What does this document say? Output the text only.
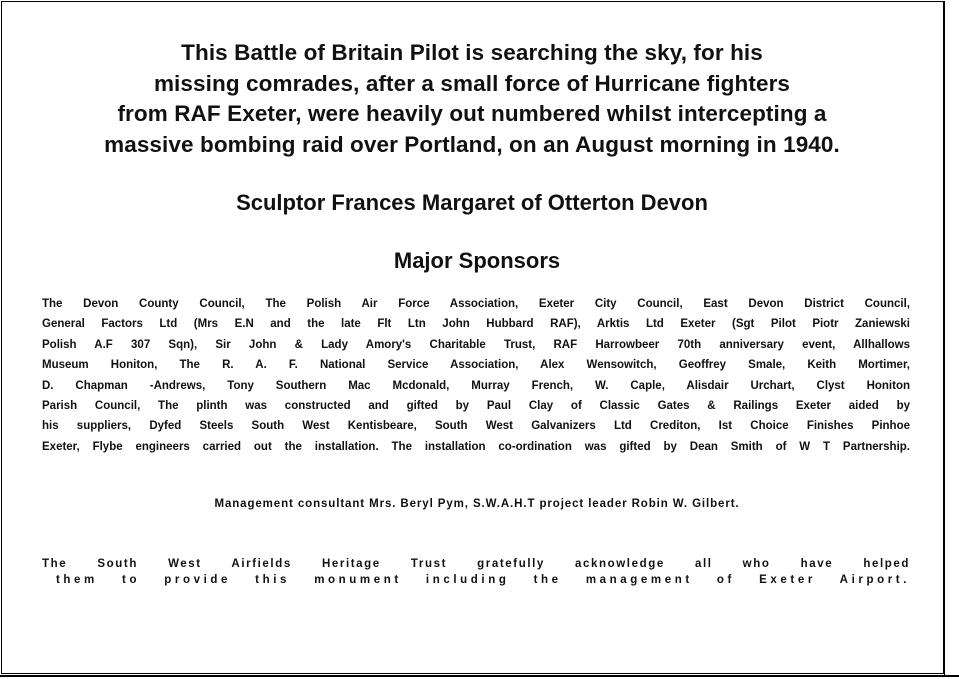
This Battle of Britain Pilot is searching the sky, for his
missing comrades, after a small force of Hurricane fighters
from RAF Exeter, were heavily out numbered whilst intercepting a
massive bombing raid over Portland, on an August morning in 1940.
Sculptor Frances Margaret of Otterton Devon
Major Sponsors
The Devon County Council, The Polish Air Force Association, Exeter City Council, East Devon District Council,
General Factors Ltd (Mrs E.N and the late Flt Ltn John Hubbard RAF), Arktis Ltd Exeter (Sgt Pilot Piotr Zaniewski
Polish A.F 307 Sqn), Sir John & Lady Amory's Charitable Trust, RAF Harrowbeer 70th anniversary event, Allhallows
Museum Honiton, The R. A. F. National Service Association, Alex Wensowitch, Geoffrey Smale, Keith Mortimer,
D. Chapman -Andrews, Tony Southern Mac Mcdonald, Murray French, W. Caple, Alisdair Urchart, Clyst Honiton
Parish Council, The plinth was constructed and gifted by Paul Clay of Classic Gates & Railings Exeter aided by
his suppliers, Dyfed Steels South West Kentisbeare, South West Galvanizers Ltd Crediton, Ist Choice Finishes Pinhoe
Exeter, Flybe engineers carried out the installation. The installation co-ordination was gifted by Dean Smith of W T Partnership.
Management consultant Mrs. Beryl Pym, S.W.A.H.T project leader Robin W. Gilbert.
The South West Airfields Heritage Trust gratefully acknowledge all who have helped
them to provide this monument including the management of Exeter Airport.
